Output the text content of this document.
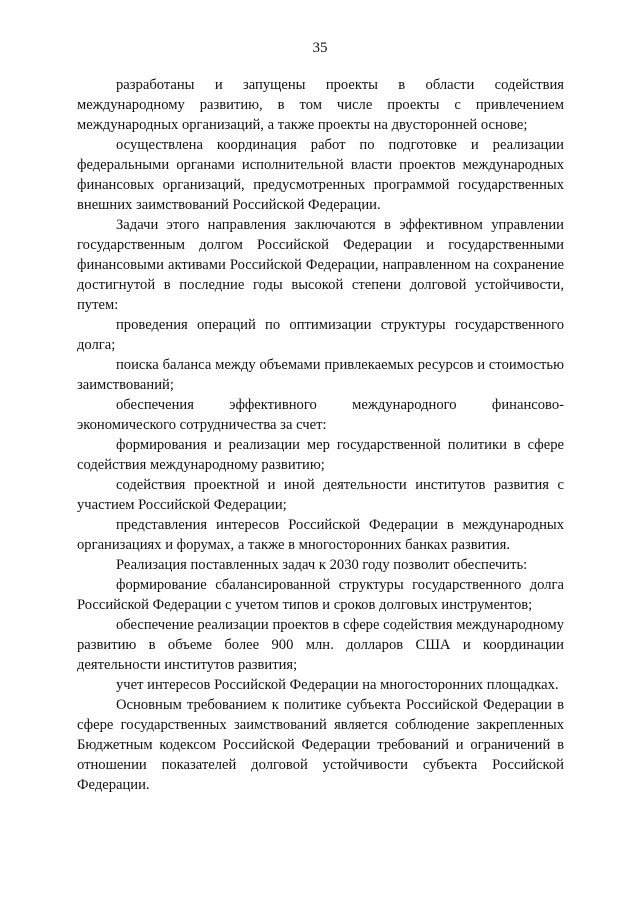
35

разработаны и запущены проекты в области содействия международному развитию, в том числе проекты с привлечением международных организаций, а также проекты на двусторонней основе;

осуществлена координация работ по подготовке и реализации федеральными органами исполнительной власти проектов международных финансовых организаций, предусмотренных программой государственных внешних заимствований Российской Федерации.

Задачи этого направления заключаются в эффективном управлении государственным долгом Российской Федерации и государственными финансовыми активами Российской Федерации, направленном на сохранение достигнутой в последние годы высокой степени долговой устойчивости, путем:

проведения операций по оптимизации структуры государственного долга;

поиска баланса между объемами привлекаемых ресурсов и стоимостью заимствований;

обеспечения эффективного международного финансово-экономического сотрудничества за счет:

формирования и реализации мер государственной политики в сфере содействия международному развитию;

содействия проектной и иной деятельности институтов развития с участием Российской Федерации;

представления интересов Российской Федерации в международных организациях и форумах, а также в многосторонних банках развития.

Реализация поставленных задач к 2030 году позволит обеспечить:

формирование сбалансированной структуры государственного долга Российской Федерации с учетом типов и сроков долговых инструментов;

обеспечение реализации проектов в сфере содействия международному развитию в объеме более 900 млн. долларов США и координации деятельности институтов развития;

учет интересов Российской Федерации на многосторонних площадках.

Основным требованием к политике субъекта Российской Федерации в сфере государственных заимствований является соблюдение закрепленных Бюджетным кодексом Российской Федерации требований и ограничений в отношении показателей долговой устойчивости субъекта Российской Федерации.
